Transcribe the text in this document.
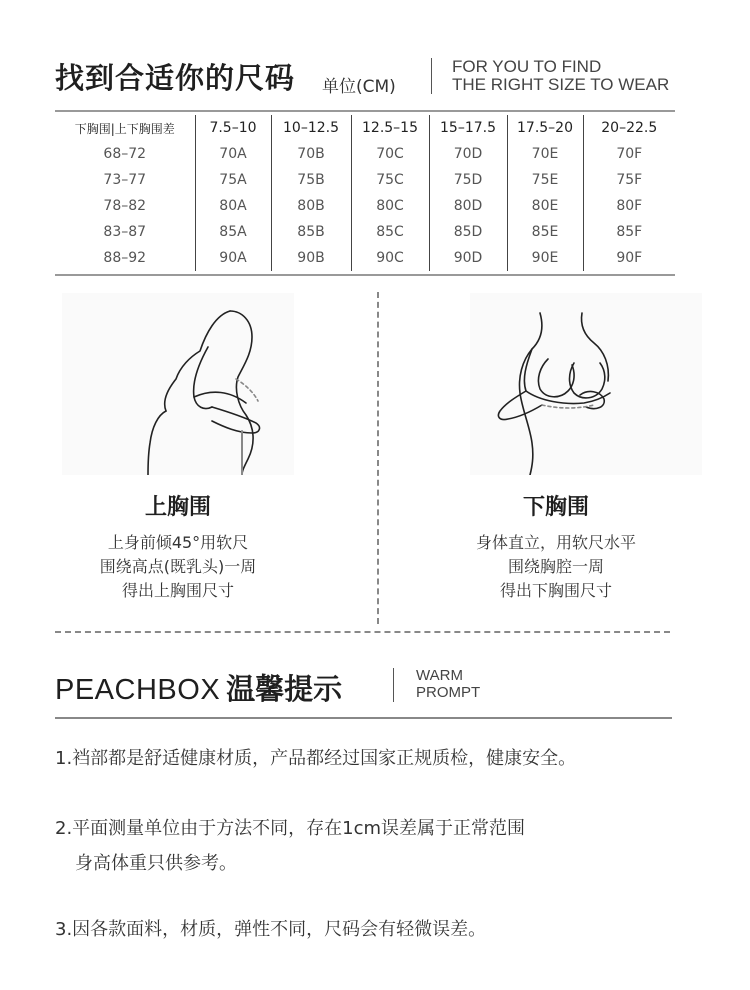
找到合适你的尺码 单位(CM)
FOR YOU TO FIND
THE RIGHT SIZE TO WEAR
下胸围|上下胸围差	7.5–10	10–12.5	12.5–15	15–17.5	17.5–20	20–22.5
68–72	70A	70B	70C	70D	70E	70F
73–77	75A	75B	75C	75D	75E	75F
78–82	80A	80B	80C	80D	80E	80F
83–87	85A	85B	85C	85D	85E	85F
88–92	90A	90B	90C	90D	90E	90F
上胸围
上身前倾45°用软尺
围绕高点(既乳头)一周
得出上胸围尺寸
下胸围
身体直立，用软尺水平
围绕胸腔一周
得出下胸围尺寸
PEACHBOX 温馨提示	WARM
PROMPT
1.裆部都是舒适健康材质，产品都经过国家正规质检，健康安全。
2.平面测量单位由于方法不同，存在1cm误差属于正常范围
身高体重只供参考。
3.因各款面料，材质，弹性不同，尺码会有轻微误差。
